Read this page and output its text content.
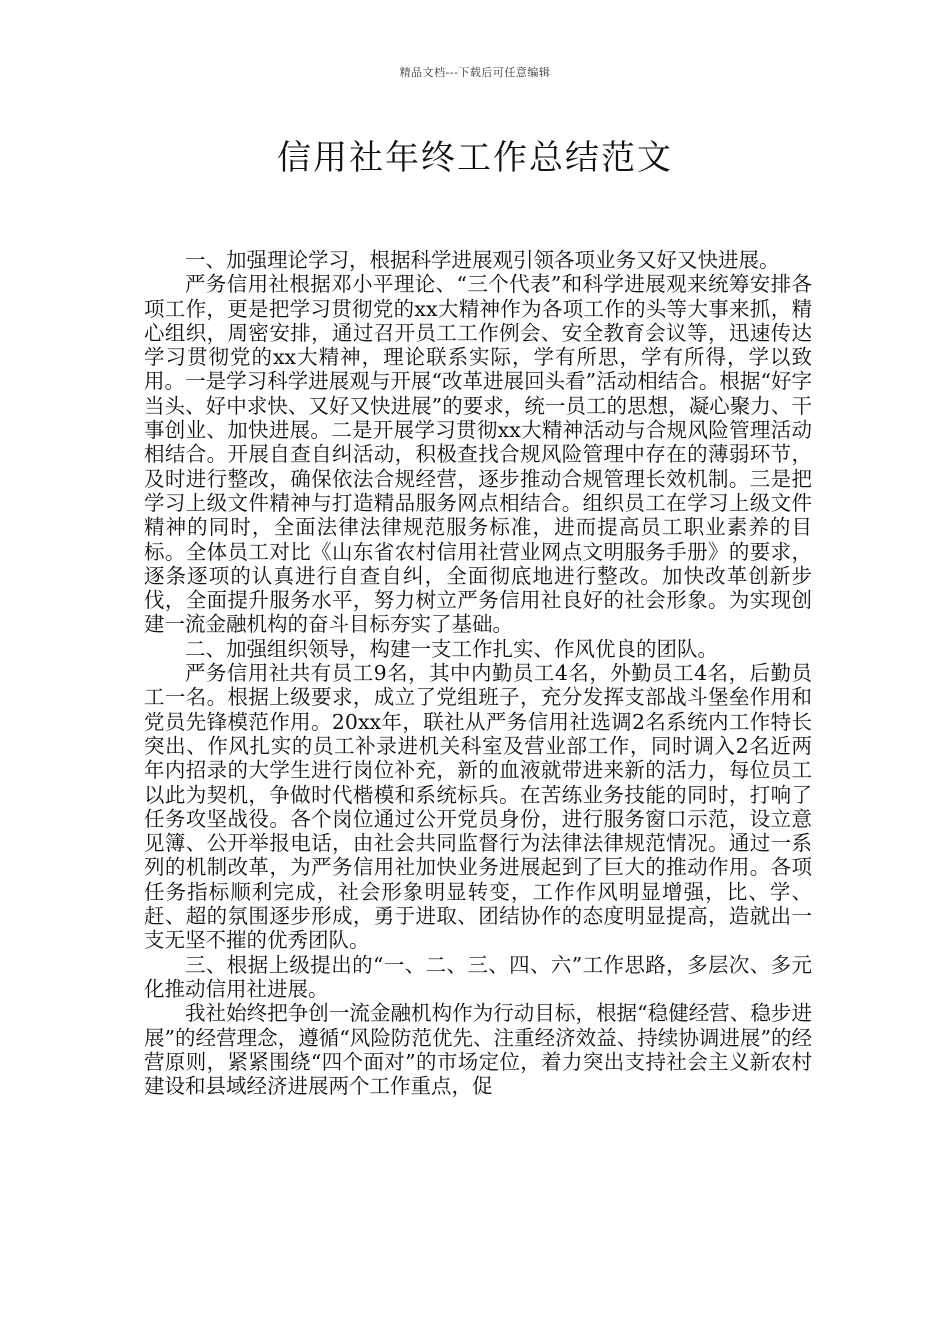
精品文档---下载后可任意编辑
信用社年终工作总结范文

一、加强理论学习，根据科学进展观引领各项业务又好又快进展。

严务信用社根据邓小平理论、“三个代表”和科学进展观来统筹安排各项工作，更是把学习贯彻党的xx大精神作为各项工作的头等大事来抓，精心组织，周密安排，通过召开员工工作例会、安全教育会议等，迅速传达学习贯彻党的xx大精神，理论联系实际，学有所思，学有所得，学以致用。一是学习科学进展观与开展“改革进展回头看”活动相结合。根据“好字当头、好中求快、又好又快进展”的要求，统一员工的思想，凝心聚力、干事创业、加快进展。二是开展学习贯彻xx大精神活动与合规风险管理活动相结合。开展自查自纠活动，积极查找合规风险管理中存在的薄弱环节，及时进行整改，确保依法合规经营，逐步推动合规管理长效机制。三是把学习上级文件精神与打造精品服务网点相结合。组织员工在学习上级文件精神的同时，全面法律法律规范服务标准，进而提高员工职业素养的目标。全体员工对比《山东省农村信用社营业网点文明服务手册》的要求，逐条逐项的认真进行自查自纠，全面彻底地进行整改。加快改革创新步伐，全面提升服务水平，努力树立严务信用社良好的社会形象。为实现创建一流金融机构的奋斗目标夯实了基础。

二、加强组织领导，构建一支工作扎实、作风优良的团队。

严务信用社共有员工9名，其中内勤员工4名，外勤员工4名，后勤员工一名。根据上级要求，成立了党组班子，充分发挥支部战斗堡垒作用和党员先锋模范作用。20xx年，联社从严务信用社选调2名系统内工作特长突出、作风扎实的员工补录进机关科室及营业部工作，同时调入2名近两年内招录的大学生进行岗位补充，新的血液就带进来新的活力，每位员工以此为契机，争做时代楷模和系统标兵。在苦练业务技能的同时，打响了任务攻坚战役。各个岗位通过公开党员身份，进行服务窗口示范，设立意见簿、公开举报电话，由社会共同监督行为法律法律规范情况。通过一系列的机制改革，为严务信用社加快业务进展起到了巨大的推动作用。各项任务指标顺利完成，社会形象明显转变，工作作风明显增强，比、学、赶、超的氛围逐步形成，勇于进取、团结协作的态度明显提高，造就出一支无坚不摧的优秀团队。

三、根据上级提出的“一、二、三、四、六”工作思路，多层次、多元化推动信用社进展。

我社始终把争创一流金融机构作为行动目标，根据“稳健经营、稳步进展”的经营理念，遵循“风险防范优先、注重经济效益、持续协调进展”的经营原则，紧紧围绕“四个面对”的市场定位，着力突出支持社会主义新农村建设和县域经济进展两个工作重点，促
